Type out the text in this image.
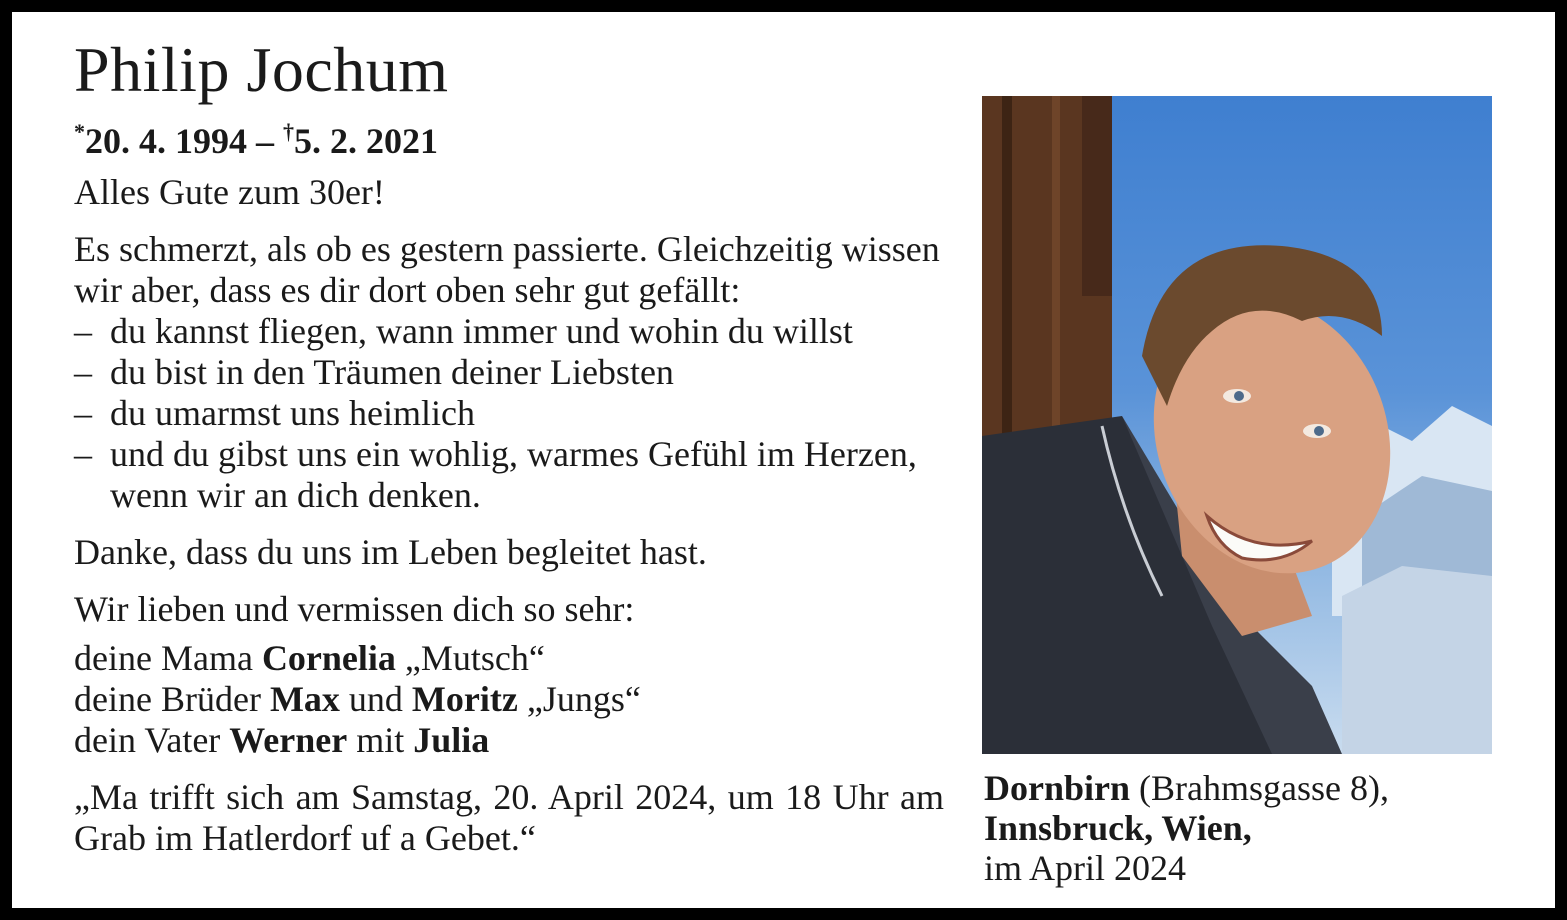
Philip Jochum
*20. 4. 1994 – †5. 2. 2021

Alles Gute zum 30er!

Es schmerzt, als ob es gestern passierte. Gleichzeitig wissen wir aber, dass es dir dort oben sehr gut gefällt:

– du kannst fliegen, wann immer und wohin du willst
– du bist in den Träumen deiner Liebsten
– du umarmst uns heimlich
– und du gibst uns ein wohlig, warmes Gefühl im Herzen, wenn wir an dich denken.

Danke, dass du uns im Leben begleitet hast.

Wir lieben und vermissen dich so sehr:

deine Mama Cornelia „Mutsch“

deine Brüder Max und Moritz „Jungs“

dein Vater Werner mit Julia

„Ma trifft sich am Samstag, 20. April 2024, um 18 Uhr am Grab im Hatlerdorf uf a Gebet.“

Dornbirn (Brahmsgasse 8),
Innsbruck, Wien,
im April 2024
